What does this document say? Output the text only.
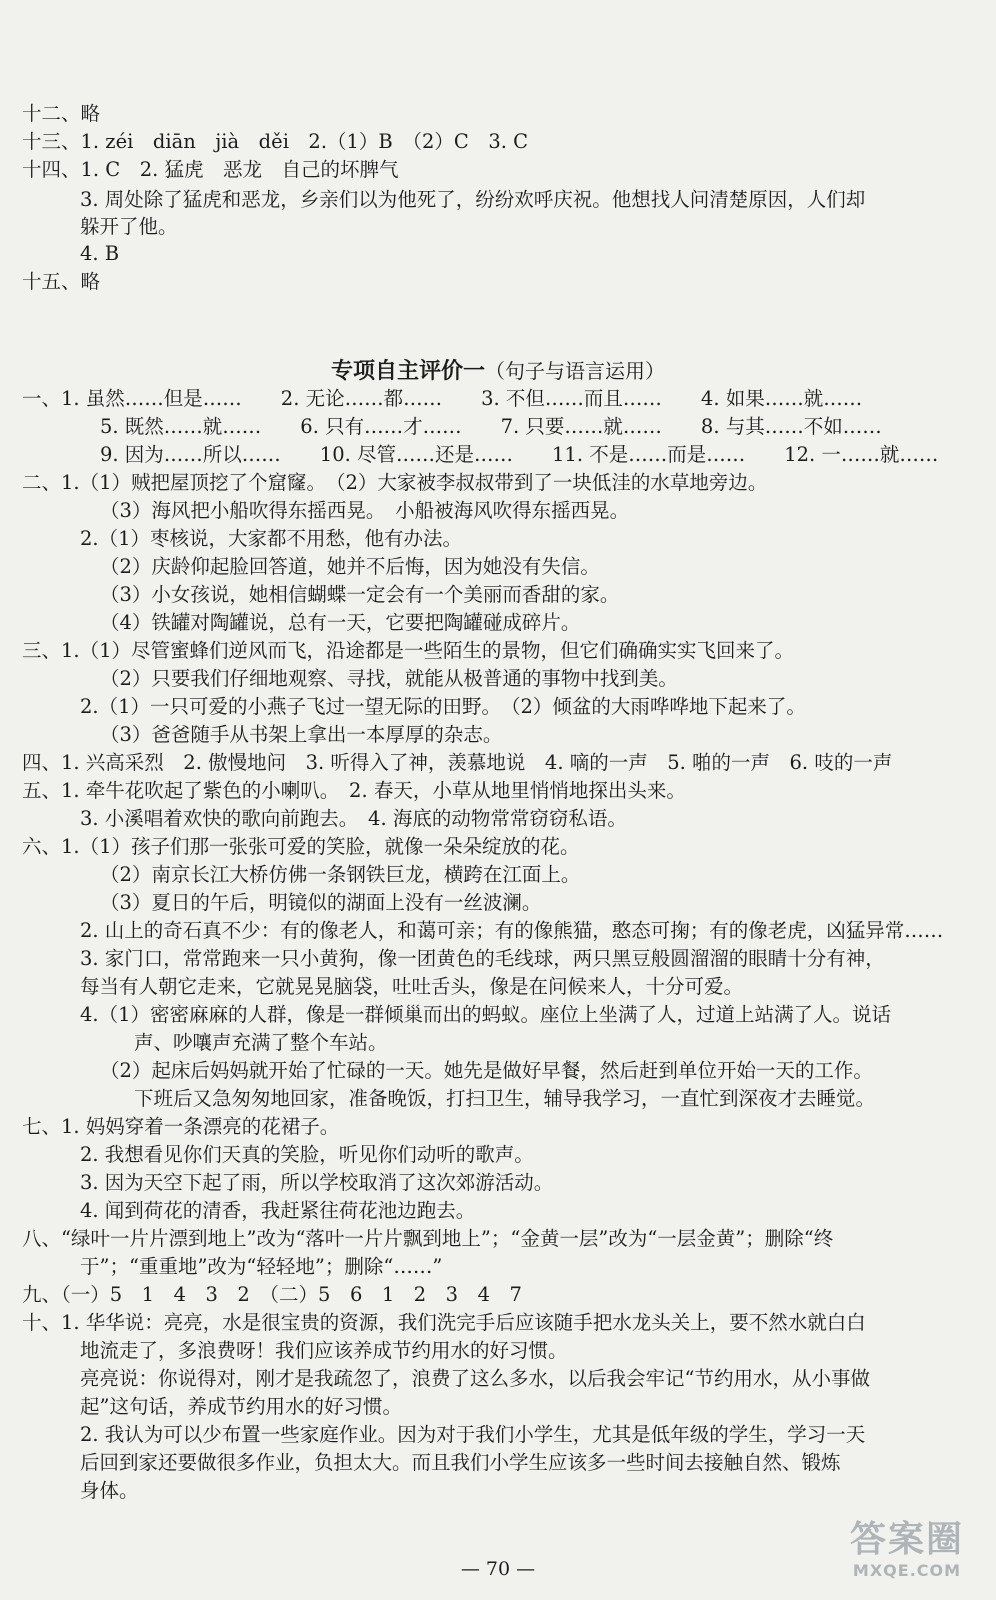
十二、略
十三、1. zéi　diān　jià　děi　2.（1）B　（2）C　3. C
十四、1. C　2. 猛虎　恶龙　自己的坏脾气
3. 周处除了猛虎和恶龙，乡亲们以为他死了，纷纷欢呼庆祝。他想找人问清楚原因，人们却
躲开了他。
4. B
十五、略
专项自主评价一（句子与语言运用）
一、1. 虽然……但是……　　2. 无论……都……　　3. 不但……而且……　　4. 如果……就……
5. 既然……就……　　6. 只有……才……　　7. 只要……就……　　8. 与其……不如……
9. 因为……所以……　　10. 尽管……还是……　　11. 不是……而是……　　12. 一……就……
二、1.（1）贼把屋顶挖了个窟窿。　（2）大家被李叔叔带到了一块低洼的水草地旁边。
（3）海风把小船吹得东摇西晃。　小船被海风吹得东摇西晃。
2.（1）枣核说，大家都不用愁，他有办法。
（2）庆龄仰起脸回答道，她并不后悔，因为她没有失信。
（3）小女孩说，她相信蝴蝶一定会有一个美丽而香甜的家。
（4）铁罐对陶罐说，总有一天，它要把陶罐碰成碎片。
三、1.（1）尽管蜜蜂们逆风而飞，沿途都是一些陌生的景物，但它们确确实实飞回来了。
（2）只要我们仔细地观察、寻找，就能从极普通的事物中找到美。
2.（1）一只可爱的小燕子飞过一望无际的田野。　（2）倾盆的大雨哗哗地下起来了。
（3）爸爸随手从书架上拿出一本厚厚的杂志。
四、1. 兴高采烈　2. 傲慢地问　3. 听得入了神，羡慕地说　4. 嘀的一声　5. 啪的一声　6. 吱的一声
五、1. 牵牛花吹起了紫色的小喇叭。　2. 春天，小草从地里悄悄地探出头来。
3. 小溪唱着欢快的歌向前跑去。　4. 海底的动物常常窃窃私语。
六、1.（1）孩子们那一张张可爱的笑脸，就像一朵朵绽放的花。
（2）南京长江大桥仿佛一条钢铁巨龙，横跨在江面上。
（3）夏日的午后，明镜似的湖面上没有一丝波澜。
2. 山上的奇石真不少：有的像老人，和蔼可亲；有的像熊猫，憨态可掬；有的像老虎，凶猛异常……
3. 家门口，常常跑来一只小黄狗，像一团黄色的毛线球，两只黑豆般圆溜溜的眼睛十分有神，
每当有人朝它走来，它就晃晃脑袋，吐吐舌头，像是在问候来人，十分可爱。
4.（1）密密麻麻的人群，像是一群倾巢而出的蚂蚁。座位上坐满了人，过道上站满了人。说话
声、吵嚷声充满了整个车站。
（2）起床后妈妈就开始了忙碌的一天。她先是做好早餐，然后赶到单位开始一天的工作。
下班后又急匆匆地回家，准备晚饭，打扫卫生，辅导我学习，一直忙到深夜才去睡觉。
七、1. 妈妈穿着一条漂亮的花裙子。
2. 我想看见你们天真的笑脸，听见你们动听的歌声。
3. 因为天空下起了雨，所以学校取消了这次郊游活动。
4. 闻到荷花的清香，我赶紧往荷花池边跑去。
八、“绿叶一片片漂到地上”改为“落叶一片片飘到地上”；“金黄一层”改为“一层金黄”；删除“终
于”；“重重地”改为“轻轻地”；删除“……”
九、（一）5　1　4　3　2　（二）5　6　1　2　3　4　7
十、1. 华华说：亮亮，水是很宝贵的资源，我们洗完手后应该随手把水龙头关上，要不然水就白白
地流走了，多浪费呀！我们应该养成节约用水的好习惯。
亮亮说：你说得对，刚才是我疏忽了，浪费了这么多水，以后我会牢记“节约用水，从小事做
起”这句话，养成节约用水的好习惯。
2. 我认为可以少布置一些家庭作业。因为对于我们小学生，尤其是低年级的学生，学习一天
后回到家还要做很多作业，负担太大。而且我们小学生应该多一些时间去接触自然、锻炼
身体。
— 70 —
答案圈
MXQE.COM
